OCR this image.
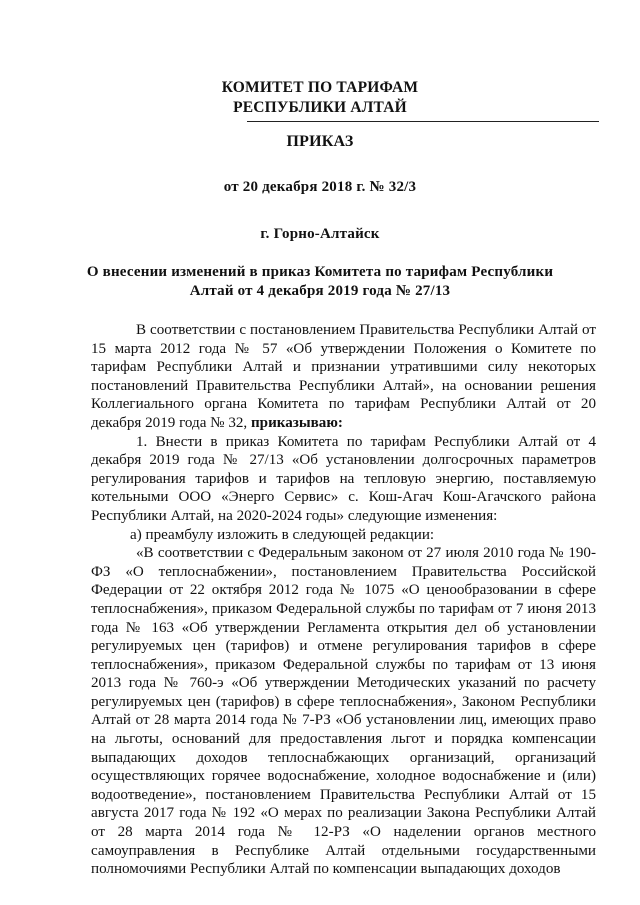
КОМИТЕТ ПО ТАРИФАМ
РЕСПУБЛИКИ АЛТАЙ
ПРИКАЗ
от 20 декабря 2018 г. № 32/3
г. Горно-Алтайск
О внесении изменений в приказ Комитета по тарифам Республики
Алтай от 4 декабря 2019 года № 27/13

В соответствии с постановлением Правительства Республики Алтай от 15 марта 2012 года № 57 «Об утверждении Положения о Комитете по тарифам Республики Алтай и признании утратившими силу некоторых постановлений Правительства Республики Алтай», на основании решения Коллегиального органа Комитета по тарифам Республики Алтай от 20 декабря 2019 года № 32, приказываю:

1. Внести в приказ Комитета по тарифам Республики Алтай от 4 декабря 2019 года № 27/13 «Об установлении долгосрочных параметров регулирования тарифов и тарифов на тепловую энергию, поставляемую котельными ООО «Энерго Сервис» с. Кош-Агач Кош-Агачского района Республики Алтай, на 2020-2024 годы» следующие изменения:

а) преамбулу изложить в следующей редакции:

«В соответствии с Федеральным законом от 27 июля 2010 года № 190-ФЗ «О теплоснабжении», постановлением Правительства Российской Федерации от 22 октября 2012 года № 1075 «О ценообразовании в сфере теплоснабжения», приказом Федеральной службы по тарифам от 7 июня 2013 года № 163 «Об утверждении Регламента открытия дел об установлении регулируемых цен (тарифов) и отмене регулирования тарифов в сфере теплоснабжения», приказом Федеральной службы по тарифам от 13 июня 2013 года № 760-э «Об утверждении Методических указаний по расчету регулируемых цен (тарифов) в сфере теплоснабжения», Законом Республики Алтай от 28 марта 2014 года № 7-РЗ «Об установлении лиц, имеющих право на льготы, оснований для предоставления льгот и порядка компенсации выпадающих доходов теплоснабжающих организаций, организаций осуществляющих горячее водоснабжение, холодное водоснабжение и (или) водоотведение», постановлением Правительства Республики Алтай от 15 августа 2017 года № 192 «О мерах по реализации Закона Республики Алтай от 28 марта 2014 года № 12-РЗ «О наделении органов местного самоуправления в Республике Алтай отдельными государственными полномочиями Республики Алтай по компенсации выпадающих доходов
